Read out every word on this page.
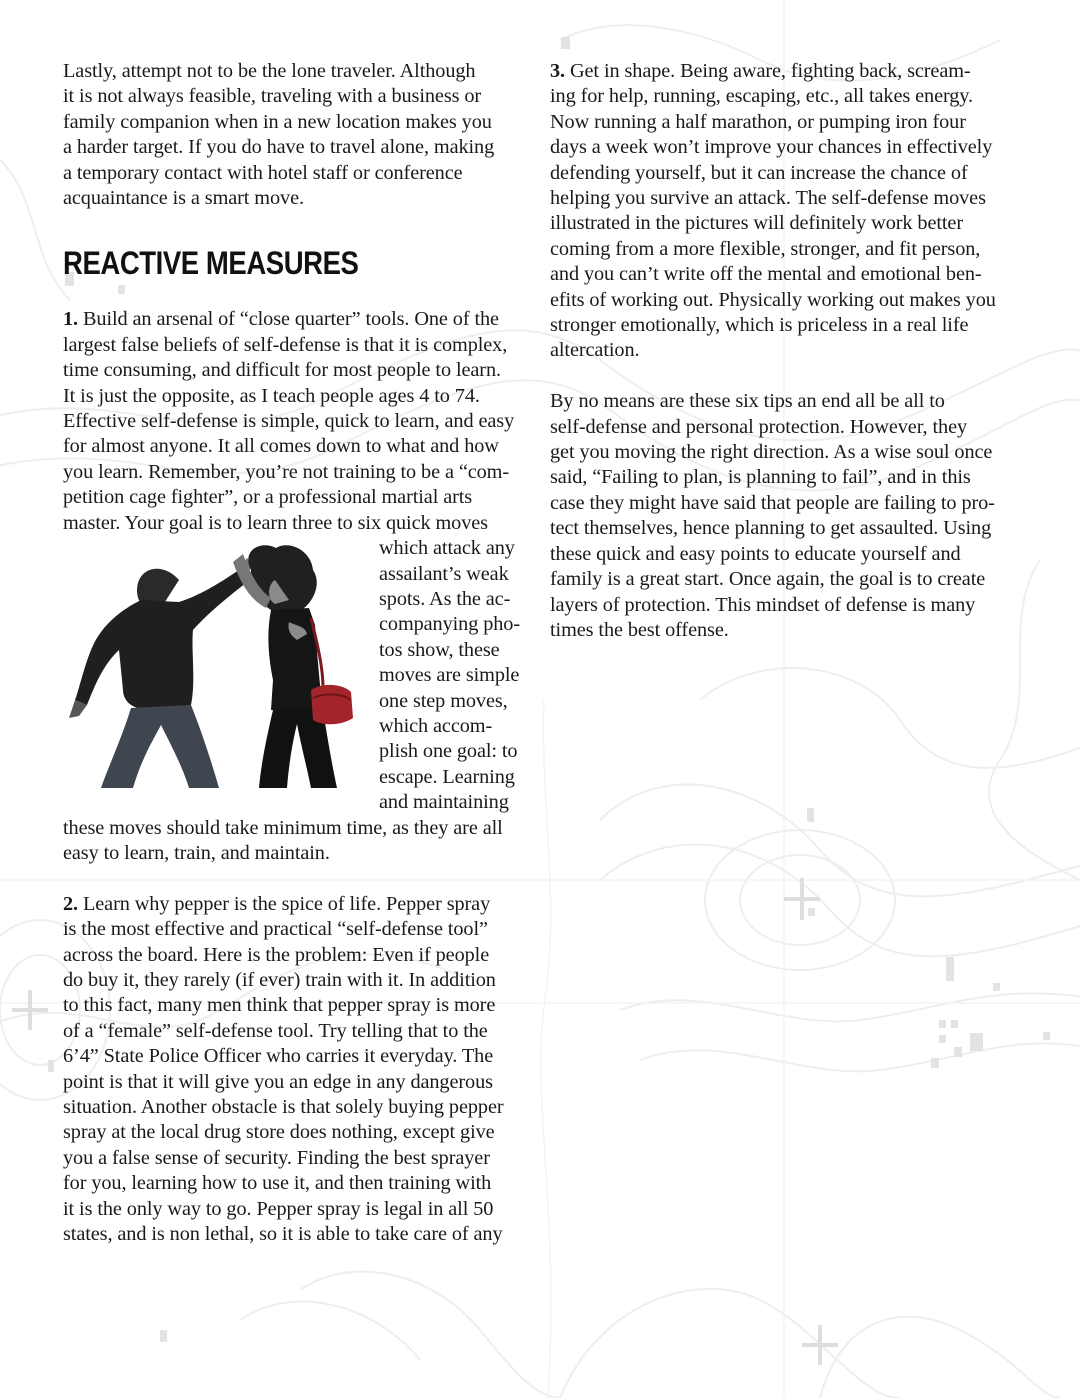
Lastly, attempt not to be the lone traveler. Although
it is not always feasible, traveling with a business or
family companion when in a new location makes you
a harder target. If you do have to travel alone, making
a temporary contact with hotel staff or conference
acquaintance is a smart move.

REACTIVE MEASURES

1. Build an arsenal of “close quarter” tools. One of the
largest false beliefs of self-defense is that it is complex,
time consuming, and difficult for most people to learn.
It is just the opposite, as I teach people ages 4 to 74.
Effective self-defense is simple, quick to learn, and easy
for almost anyone. It all comes down to what and how
you learn. Remember, you’re not training to be a “com-
petition cage fighter”, or a professional martial arts
master. Your goal is to learn three to six quick moves

which attack any
assailant’s weak
spots. As the ac-
companying pho-
tos show, these
moves are simple
one step moves,
which accom-
plish one goal: to
escape. Learning
and maintaining

these moves should take minimum time, as they are all
easy to learn, train, and maintain.

2. Learn why pepper is the spice of life. Pepper spray
is the most effective and practical “self-defense tool”
across the board. Here is the problem: Even if people
do buy it, they rarely (if ever) train with it. In addition
to this fact, many men think that pepper spray is more
of a “female” self-defense tool. Try telling that to the
6’4” State Police Officer who carries it everyday. The
point is that it will give you an edge in any dangerous
situation. Another obstacle is that solely buying pepper
spray at the local drug store does nothing, except give
you a false sense of security. Finding the best sprayer
for you, learning how to use it, and then training with
it is the only way to go. Pepper spray is legal in all 50
states, and is non lethal, so it is able to take care of any

3. Get in shape. Being aware, fighting back, scream-
ing for help, running, escaping, etc., all takes energy.
Now running a half marathon, or pumping iron four
days a week won’t improve your chances in effectively
defending yourself, but it can increase the chance of
helping you survive an attack. The self-defense moves
illustrated in the pictures will definitely work better
coming from a more flexible, stronger, and fit person,
and you can’t write off the mental and emotional ben-
efits of working out. Physically working out makes you
stronger emotionally, which is priceless in a real life
altercation.

By no means are these six tips an end all be all to
self-defense and personal protection. However, they
get you moving the right direction. As a wise soul once
said, “Failing to plan, is planning to fail”, and in this
case they might have said that people are failing to pro-
tect themselves, hence planning to get assaulted. Using
these quick and easy points to educate yourself and
family is a great start. Once again, the goal is to create
layers of protection. This mindset of defense is many
times the best offense.
